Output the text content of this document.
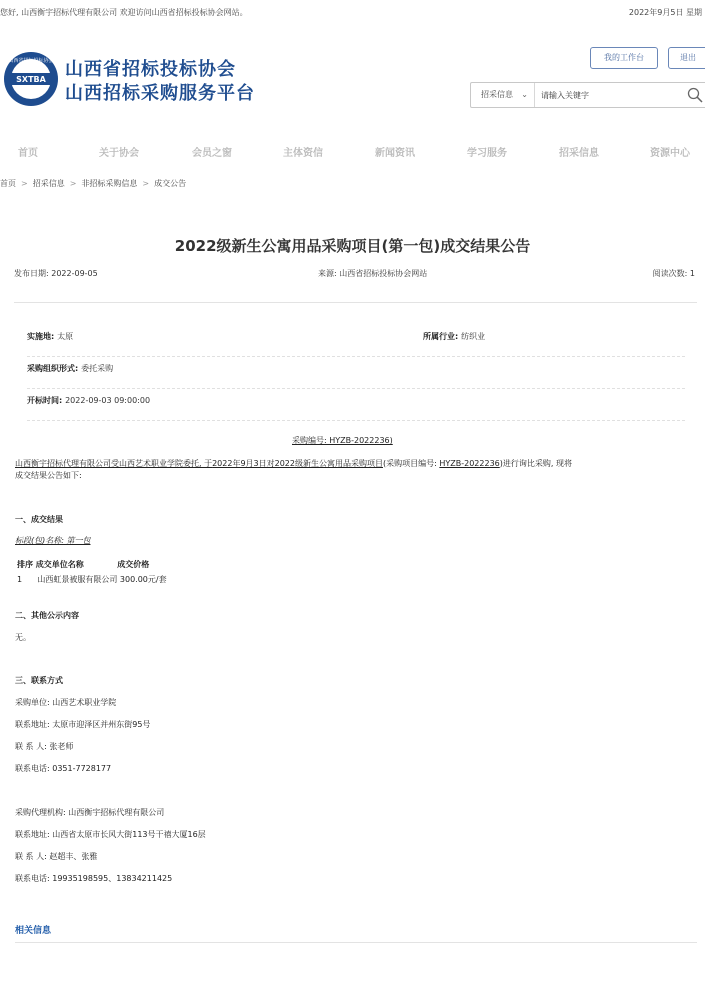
您好, 山西衡宇招标代理有限公司 欢迎访问山西省招标投标协会网站。	2022年9月5日 星期
SXTBA
山西省招标投标协会 山西省招标投标协会
山西招标采购服务平台
我的工作台	退出
招采信息 ⌄
请输入关键字
首页	关于协会	会员之窗	主体资信	新闻资讯	学习服务	招采信息	资源中心
首页 > 招采信息 > 非招标采购信息 > 成交公告
2022级新生公寓用品采购项目(第一包)成交结果公告
发布日期: 2022-09-05	来源: 山西省招标投标协会网站	阅读次数: 1
实施地: 太原	所属行业: 纺织业
采购组织形式: 委托采购
开标时间: 2022-09-03 09:00:00
采购编号: HYZB-2022236)
山西衡宇招标代理有限公司受山西艺术职业学院委托, 于2022年9月3日对2022级新生公寓用品采购项目(采购项目编号: HYZB-2022236)进行询比采购, 现将
成交结果公告如下:
一、成交结果
标段(包)名称: 第一包
排序 成交单位名称            成交价格
1      山西虹景被服有限公司 300.00元/套
二、其他公示内容
无。
三、联系方式
采购单位: 山西艺术职业学院
联系地址: 太原市迎泽区并州东街95号
联 系 人: 张老师
联系电话: 0351-7728177
采购代理机构: 山西衡宇招标代理有限公司
联系地址: 山西省太原市长风大街113号干禧大厦16层
联 系 人: 赵超丰、张雅
联系电话: 19935198595、13834211425
相关信息
